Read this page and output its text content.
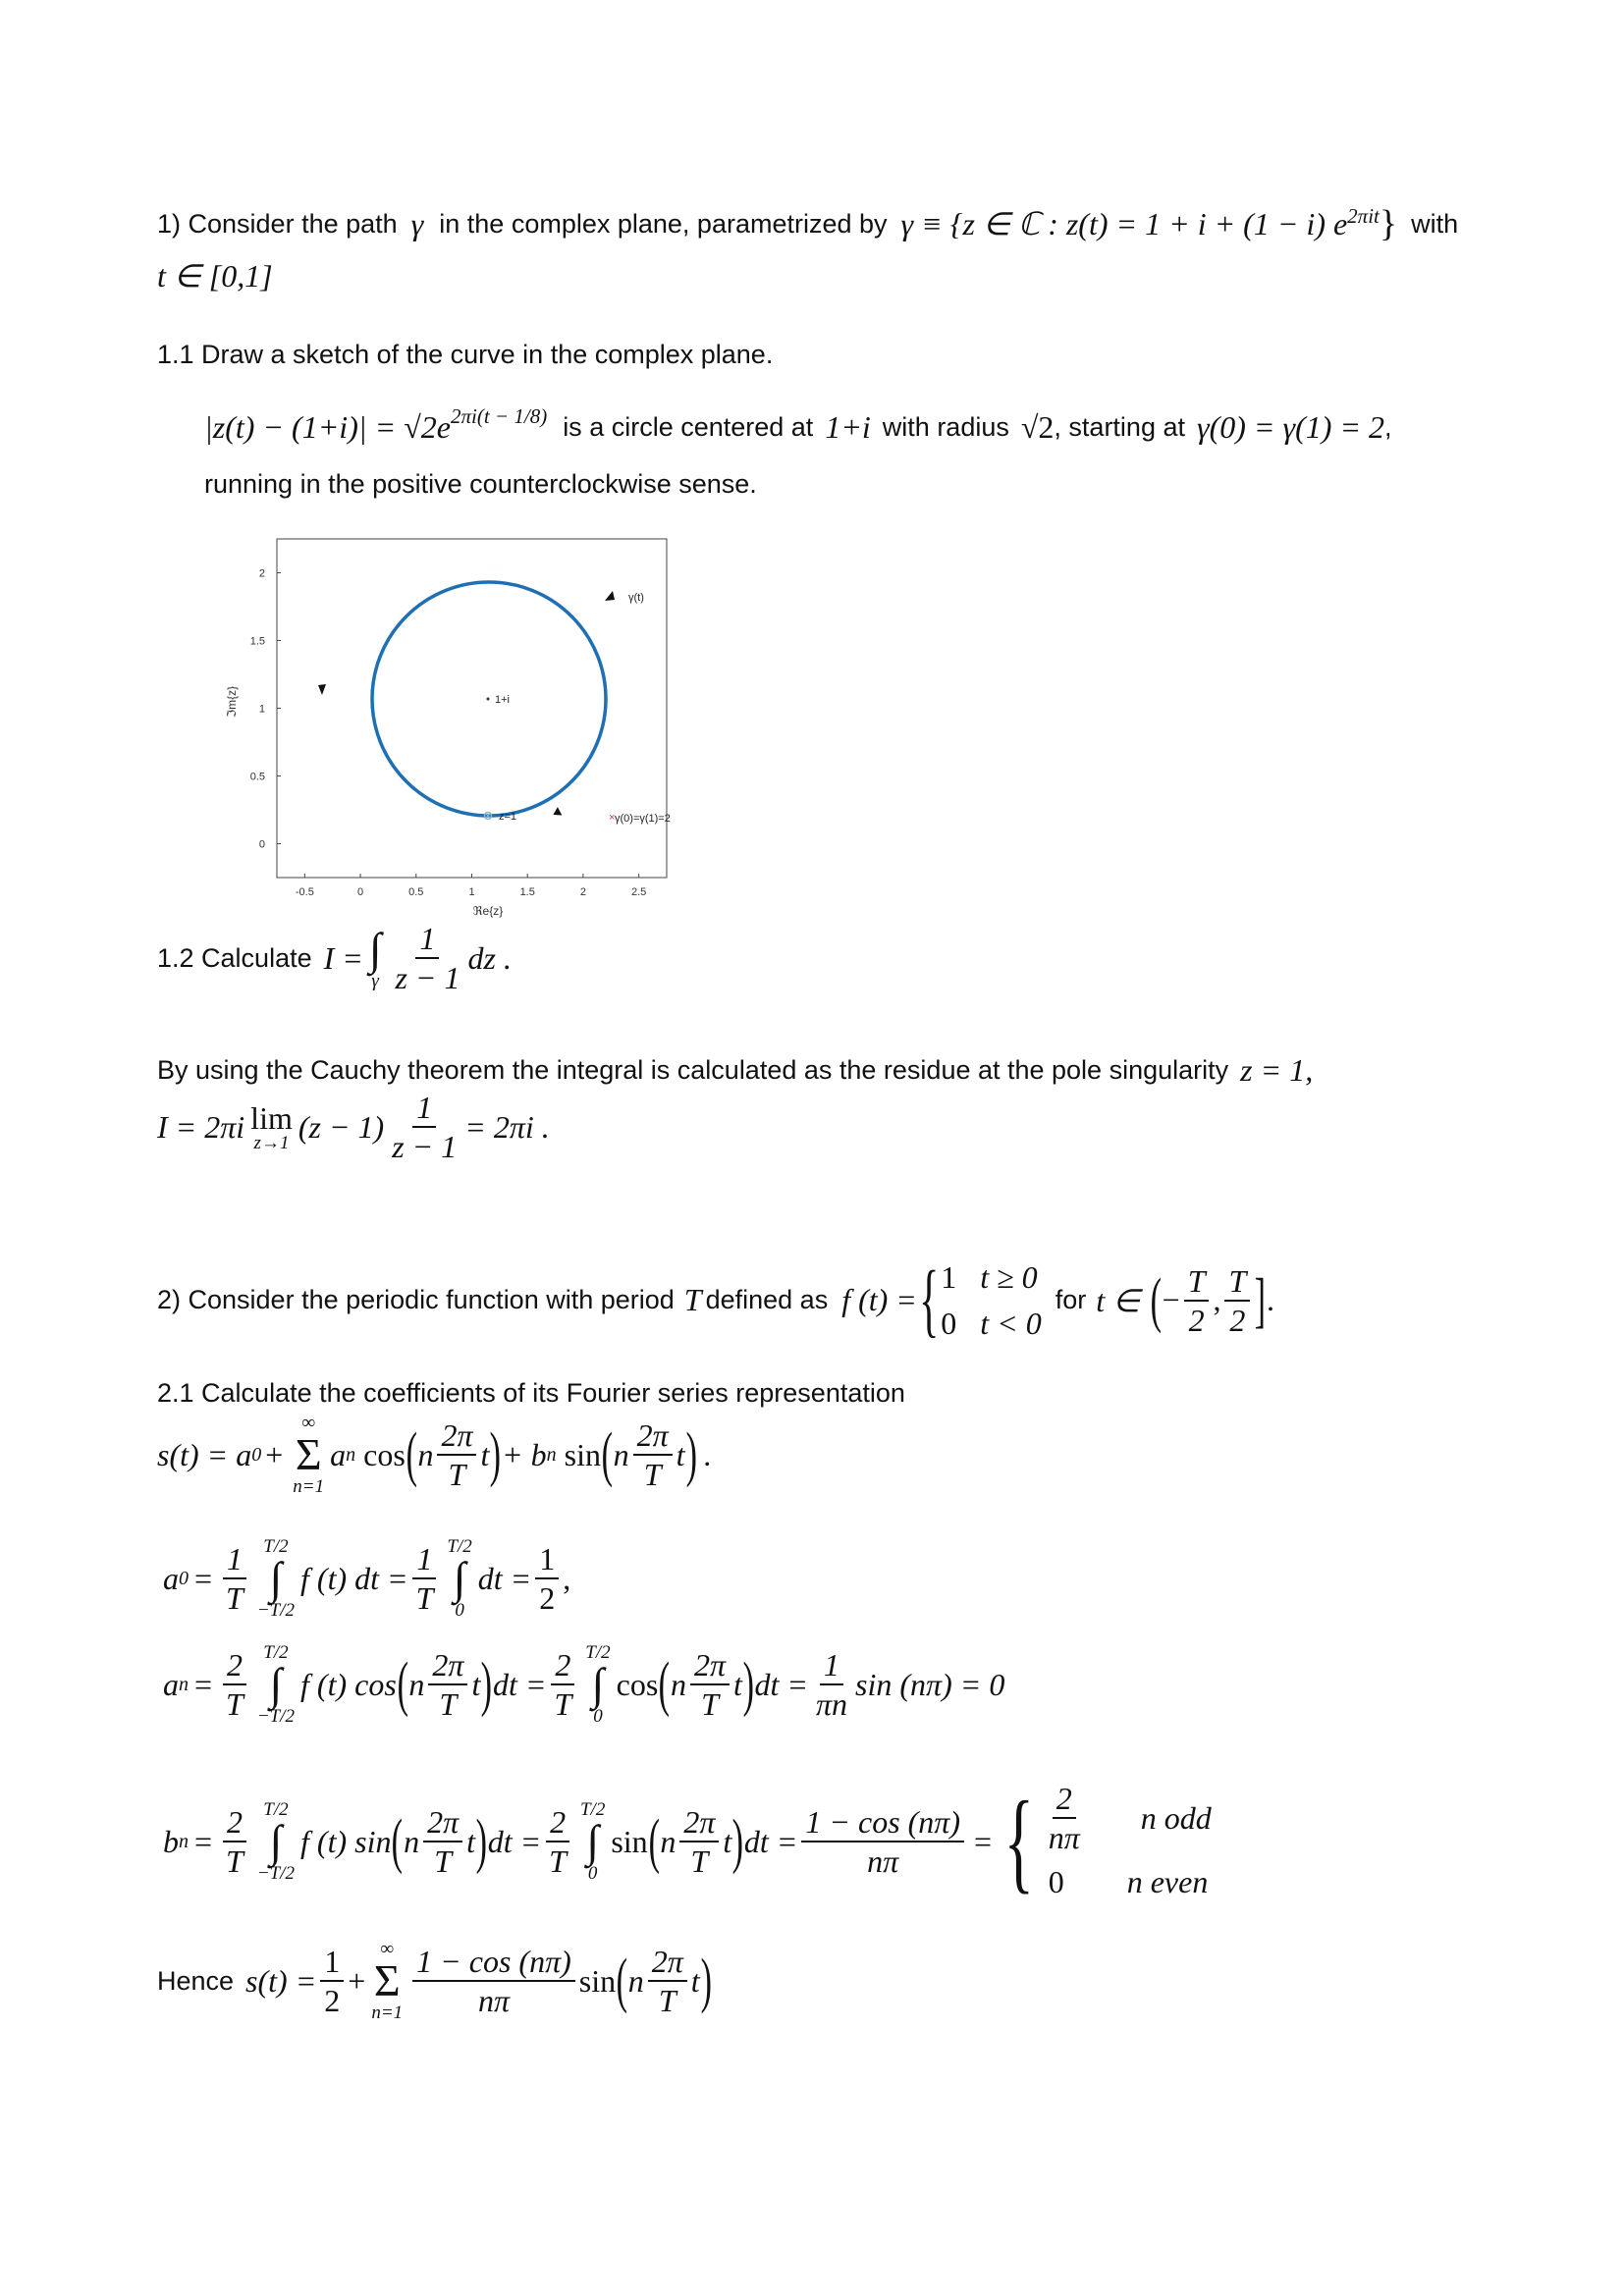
1) Consider the path γ in the complex plane, parametrized by γ ≡ {z ∈ ℂ : z(t) = 1 + i + (1 − i) e 2πit } with
t ∈ [0,1]
1.1 Draw a sketch of the curve in the complex plane.
|z(t) − (1+i)| = √2e 2πi(t − 1/8) is a circle centered at 1+i with radius √2 , starting at γ(0) = γ(1) = 2 ,
running in the positive counterclockwise sense.
-0.5	0	0.5	1	1.5	2	2.5
0
0.5
1
1.5
2
1+i
z=1	× γ(0)=γ(1)=2
γ(t)
ℜe{z}
ℑm{z}
1.2 Calculate I = ∫
γ $\frac{1}{z - 1}$ dz .
By using the Cauchy theorem the integral is calculated as the residue at the pole singularity z = 1,
I = 2πi lim
z→1 $(z - 1) \frac{1}{z - 1} = 2\pi i$ .
2) Consider the periodic function with period T defined as f (t) = { 1 t ≥ 0
0 t < 0
for t ∈ ( − $\frac{T}{2}$ , $\frac{T}{2}$ ] .
2.1 Calculate the coefficients of its Fourier series representation
s(t) = a 0 +
∞
Σ
n=1
a n cos ( n $\frac{2\pi}{T}$ t ) + b n sin ( n $\frac{2\pi}{T}$ t ) .
a $0 = \frac{1}{T} T/2$
∫
−T/2
f (t) dt = $\frac{1}{T} T/2$
∫
0
dt = $\frac{1}{2}$ ,
a $n = \frac{2}{T} T/2$
∫
−T/2
f (t) cos ( n $\frac{2\pi}{T}$ t ) dt = $\frac{2}{T} T/2$
∫
0
cos ( n $\frac{2\pi}{T}$ t ) dt = $\frac{1}{\pi n}$ sin (nπ) = 0
b $n = \frac{2}{T} T/2$
∫
−T/2
f (t) sin ( n $\frac{2\pi}{T}$ t ) dt = $\frac{2}{T} T/2$
∫
0
sin ( n $\frac{2\pi}{T}$ t ) dt = $\frac{1 - \cos (n\pi)}{n\pi}$ = { $\frac{2}{n\pi}$ n odd
0 n even
Hence $s(t) = \frac{1}{2}$ +
∞
Σ
$n=1 \frac{1 - \cos (n\pi)}{n\pi}$ sin ( n $\frac{2\pi}{T}$ t )
